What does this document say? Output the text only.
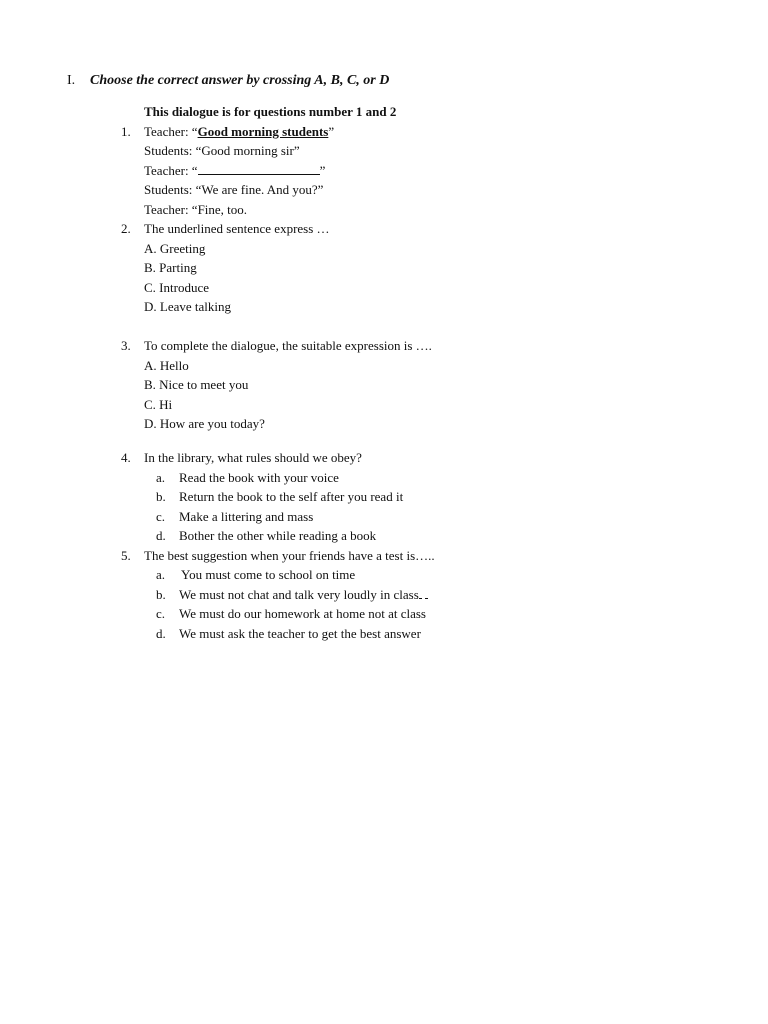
I. Choose the correct answer by crossing A, B, C, or D
This dialogue is for questions number 1 and 2
1. Teacher: “Good morning students”
Students: “Good morning sir”
Teacher: “	”
Students: “We are fine. And you?”
Teacher: “Fine, too.
2. The underlined sentence express …
A. Greeting
B. Parting
C. Introduce
D. Leave talking
3. To complete the dialogue, the suitable expression is ….
A. Hello
B. Nice to meet you
C. Hi
D. How are you today?
4. In the library, what rules should we obey?
a. Read the book with your voice
b. Return the book to the self after you read it
c. Make a littering and mass
d. Bother the other while reading a book
5. The best suggestion when your friends have a test is…..
a. You must come to school on time
b. We must not chat and talk very loudly in class
c. We must do our homework at home not at class
d. We must ask the teacher to get the best answer
